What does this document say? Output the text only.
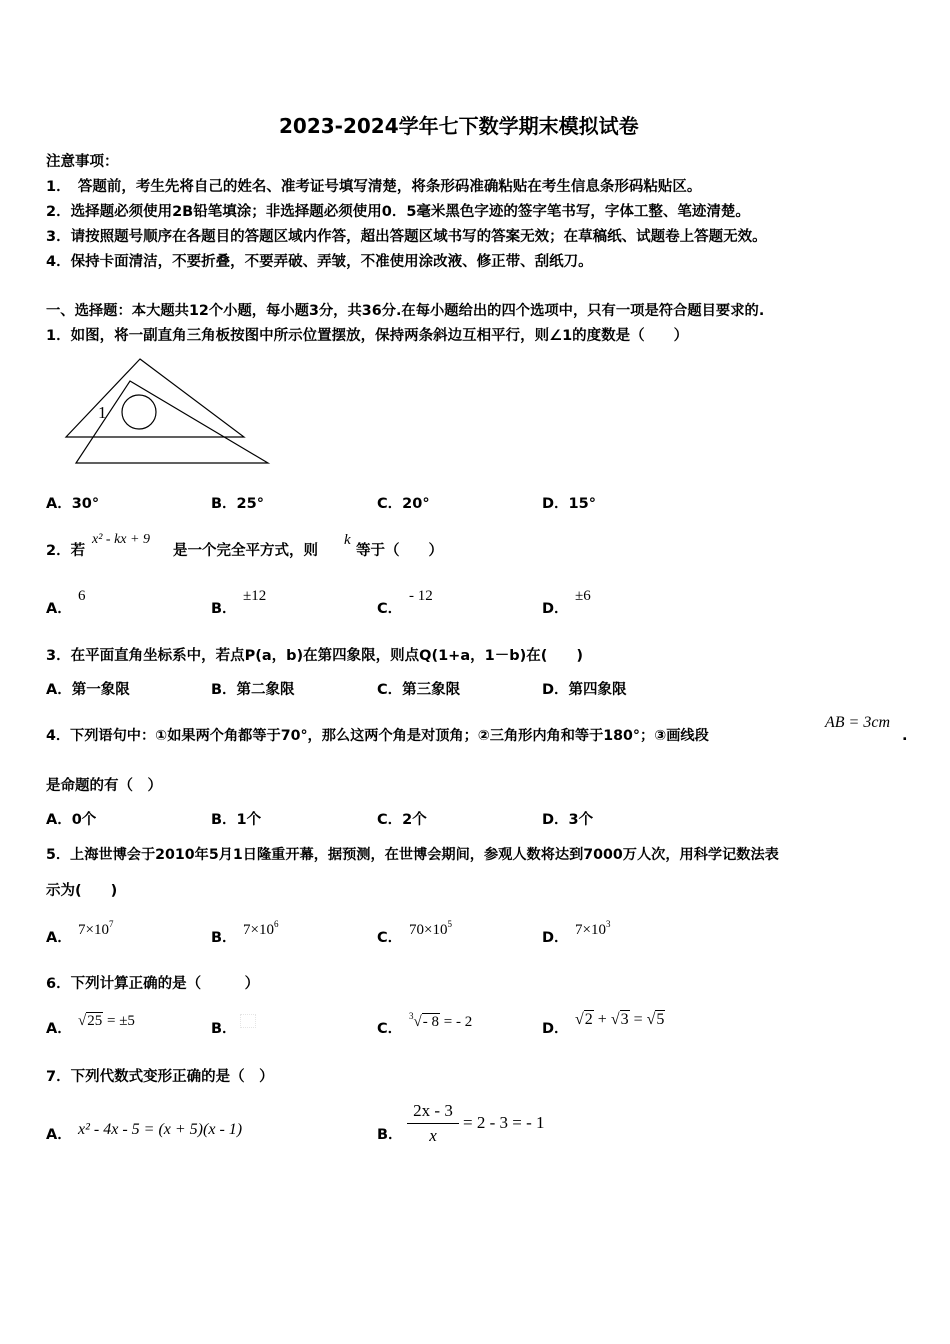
2023-2024学年七下数学期末模拟试卷
注意事项：
1．　答题前，考生先将自己的姓名、准考证号填写清楚，将条形码准确粘贴在考生信息条形码粘贴区。
2．选择题必须使用2B铅笔填涂；非选择题必须使用0．5毫米黑色字迹的签字笔书写，字体工整、笔迹清楚。
3．请按照题号顺序在各题目的答题区域内作答，超出答题区域书写的答案无效；在草稿纸、试题卷上答题无效。
4．保持卡面清洁，不要折叠，不要弄破、弄皱，不准使用涂改液、修正带、刮纸刀。
一、选择题：本大题共12个小题，每小题3分，共36分.在每小题给出的四个选项中，只有一项是符合题目要求的.
1．如图，将一副直角三角板按图中所示位置摆放，保持两条斜边互相平行，则∠1的度数是（　　）
1
A．30°	B．25°	C．20°	D．15°
2．若
x² - kx + 9
是一个完全平方式，则
k
等于（　　）
A．
6
B．
±12
C．
- 12
D．
±6
3．在平面直角坐标系中，若点P(a，b)在第四象限，则点Q(1+a，1－b)在(　　)
A．第一象限	B．第二象限	C．第三象限	D．第四象限
4．下列语句中：①如果两个角都等于70°，那么这两个角是对顶角；②三角形内角和等于180°；③画线段
AB = 3cm
.
是命题的有（　）
A．0个	B．1个	C．2个	D．3个
5．上海世博会于2010年5月1日隆重开幕，据预测，在世博会期间，参观人数将达到7000万人次，用科学记数法表
示为(　　)
A． $7\times 10^7$
B． $7\times 10^6$
C． $70\times 10^5$
D． $7\times 10^3$
6．下列计算正确的是（　　　）
A． √25 = ±5	B．	C．
$^3$√- 8 = - 2	D．
√2 + √3 = √5
7．下列代数式变形正确的是（　）
A． x² - 4x - 5 = (x + 5)(x - 1)	B．
2x - 3
x
= 2 - 3 = - 1
